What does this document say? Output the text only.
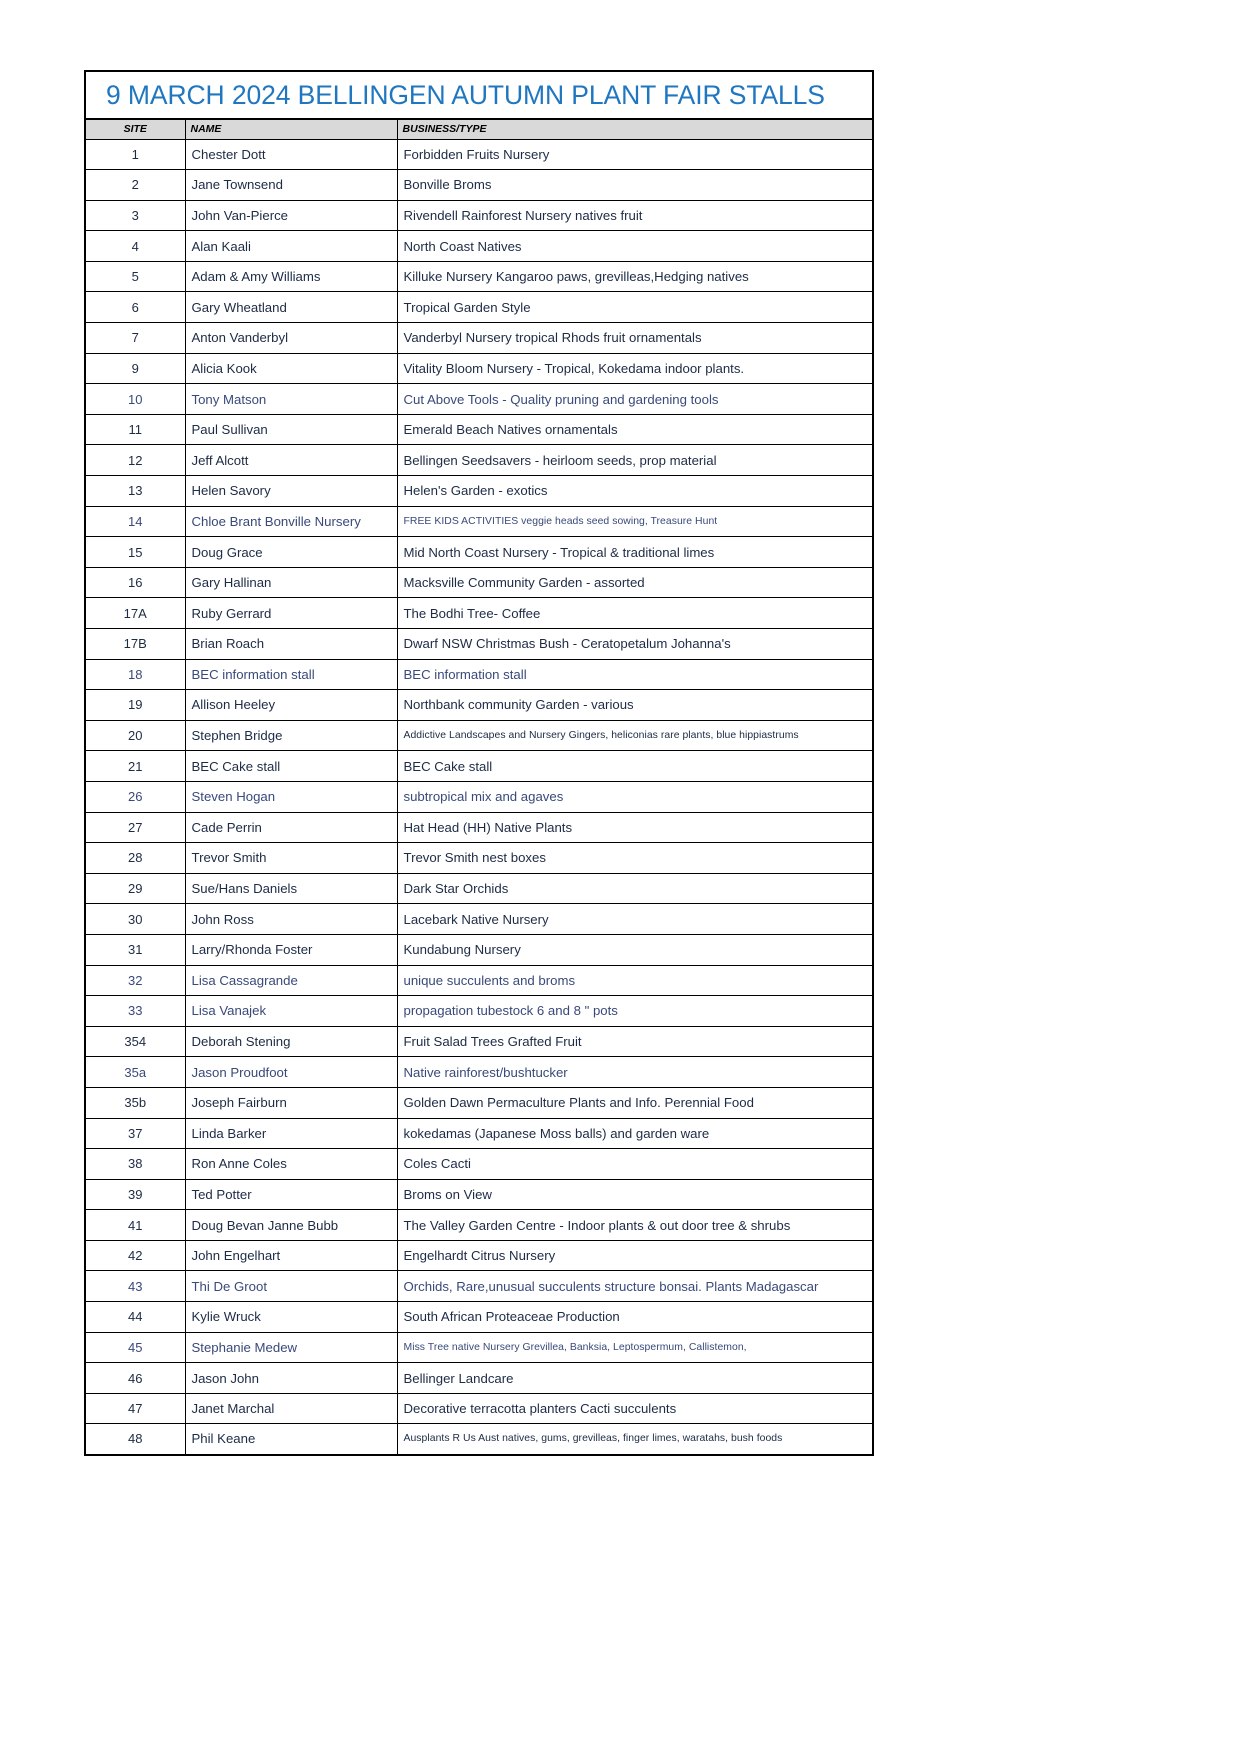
9 MARCH 2024 BELLINGEN AUTUMN PLANT FAIR STALLS
SITE	NAME	BUSINESS/TYPE
1	Chester Dott	Forbidden Fruits Nursery
2	Jane Townsend	Bonville Broms
3	John Van-Pierce	Rivendell Rainforest Nursery natives fruit
4	Alan Kaali	North Coast Natives
5	Adam & Amy Williams	Killuke Nursery Kangaroo paws, grevilleas,Hedging natives
6	Gary Wheatland	Tropical Garden Style
7	Anton Vanderbyl	Vanderbyl Nursery tropical Rhods fruit ornamentals
9	Alicia Kook	Vitality Bloom Nursery - Tropical, Kokedama indoor plants.
10	Tony Matson	Cut Above Tools - Quality pruning and gardening tools
11	Paul Sullivan	Emerald Beach Natives ornamentals
12	Jeff Alcott	Bellingen Seedsavers - heirloom seeds, prop material
13	Helen Savory	Helen's Garden - exotics
14	Chloe Brant Bonville Nursery	FREE KIDS ACTIVITIES veggie heads seed sowing, Treasure Hunt
15	Doug Grace	Mid North Coast Nursery - Tropical & traditional limes
16	Gary Hallinan	Macksville Community Garden - assorted
17A	Ruby Gerrard	The Bodhi Tree- Coffee
17B	Brian Roach	Dwarf NSW Christmas Bush - Ceratopetalum Johanna's
18	BEC information stall	BEC information stall
19	Allison Heeley	Northbank community Garden - various
20	Stephen Bridge	Addictive Landscapes and Nursery Gingers, heliconias rare plants, blue hippiastrums
21	BEC Cake stall	BEC Cake stall
26	Steven Hogan	subtropical mix and agaves
27	Cade Perrin	Hat Head (HH) Native Plants
28	Trevor Smith	Trevor Smith nest boxes
29	Sue/Hans Daniels	Dark Star Orchids
30	John Ross	Lacebark Native Nursery
31	Larry/Rhonda Foster	Kundabung Nursery
32	Lisa Cassagrande	unique succulents and broms
33	Lisa Vanajek	propagation tubestock 6 and 8 " pots
354	Deborah Stening	Fruit Salad Trees Grafted Fruit
35a	Jason Proudfoot	Native rainforest/bushtucker
35b	Joseph Fairburn	Golden Dawn Permaculture Plants and Info. Perennial Food
37	Linda Barker	kokedamas (Japanese Moss balls) and garden ware
38	Ron Anne Coles	Coles Cacti
39	Ted Potter	Broms on View
41	Doug Bevan Janne Bubb	The Valley Garden Centre - Indoor plants & out door tree & shrubs
42	John Engelhart	Engelhardt Citrus Nursery
43	Thi De Groot	Orchids, Rare,unusual succulents structure bonsai. Plants Madagascar
44	Kylie Wruck	South African Proteaceae Production
45	Stephanie Medew	Miss Tree native Nursery Grevillea, Banksia, Leptospermum, Callistemon,
46	Jason John	Bellinger Landcare
47	Janet Marchal	Decorative terracotta planters Cacti succulents
48	Phil Keane	Ausplants R Us Aust natives, gums, grevilleas, finger limes, waratahs, bush foods
